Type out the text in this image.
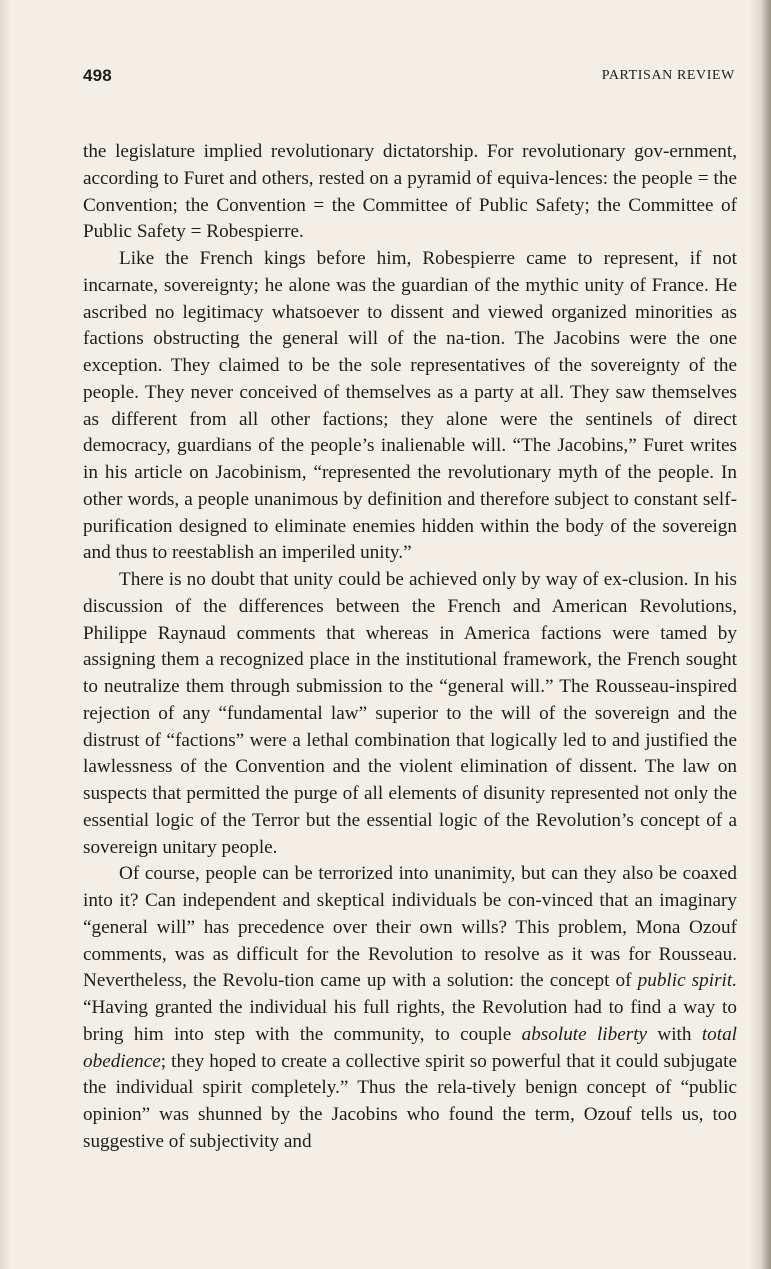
498	PARTISAN REVIEW

the legislature implied revolutionary dictatorship. For revolutionary gov-ernment, according to Furet and others, rested on a pyramid of equiva-lences: the people = the Convention; the Convention = the Committee of Public Safety; the Committee of Public Safety = Robespierre.

Like the French kings before him, Robespierre came to represent, if not incarnate, sovereignty; he alone was the guardian of the mythic unity of France. He ascribed no legitimacy whatsoever to dissent and viewed organized minorities as factions obstructing the general will of the na-tion. The Jacobins were the one exception. They claimed to be the sole representatives of the sovereignty of the people. They never conceived of themselves as a party at all. They saw themselves as different from all other factions; they alone were the sentinels of direct democracy, guardians of the people’s inalienable will. “The Jacobins,” Furet writes in his article on Jacobinism, “represented the revolutionary myth of the people. In other words, a people unanimous by definition and therefore subject to constant self-purification designed to eliminate enemies hidden within the body of the sovereign and thus to reestablish an imperiled unity.”

There is no doubt that unity could be achieved only by way of ex-clusion. In his discussion of the differences between the French and American Revolutions, Philippe Raynaud comments that whereas in America factions were tamed by assigning them a recognized place in the institutional framework, the French sought to neutralize them through submission to the “general will.” The Rousseau-inspired rejection of any “fundamental law” superior to the will of the sovereign and the distrust of “factions” were a lethal combination that logically led to and justified the lawlessness of the Convention and the violent elimination of dissent. The law on suspects that permitted the purge of all elements of disunity represented not only the essential logic of the Terror but the essential logic of the Revolution’s concept of a sovereign unitary people.

Of course, people can be terrorized into unanimity, but can they also be coaxed into it? Can independent and skeptical individuals be con-vinced that an imaginary “general will” has precedence over their own wills? This problem, Mona Ozouf comments, was as difficult for the Revolution to resolve as it was for Rousseau. Nevertheless, the Revolu-tion came up with a solution: the concept of public spirit. “Having granted the individual his full rights, the Revolution had to find a way to bring him into step with the community, to couple absolute liberty with total obedience; they hoped to create a collective spirit so powerful that it could subjugate the individual spirit completely.” Thus the rela-tively benign concept of “public opinion” was shunned by the Jacobins who found the term, Ozouf tells us, too suggestive of subjectivity and
